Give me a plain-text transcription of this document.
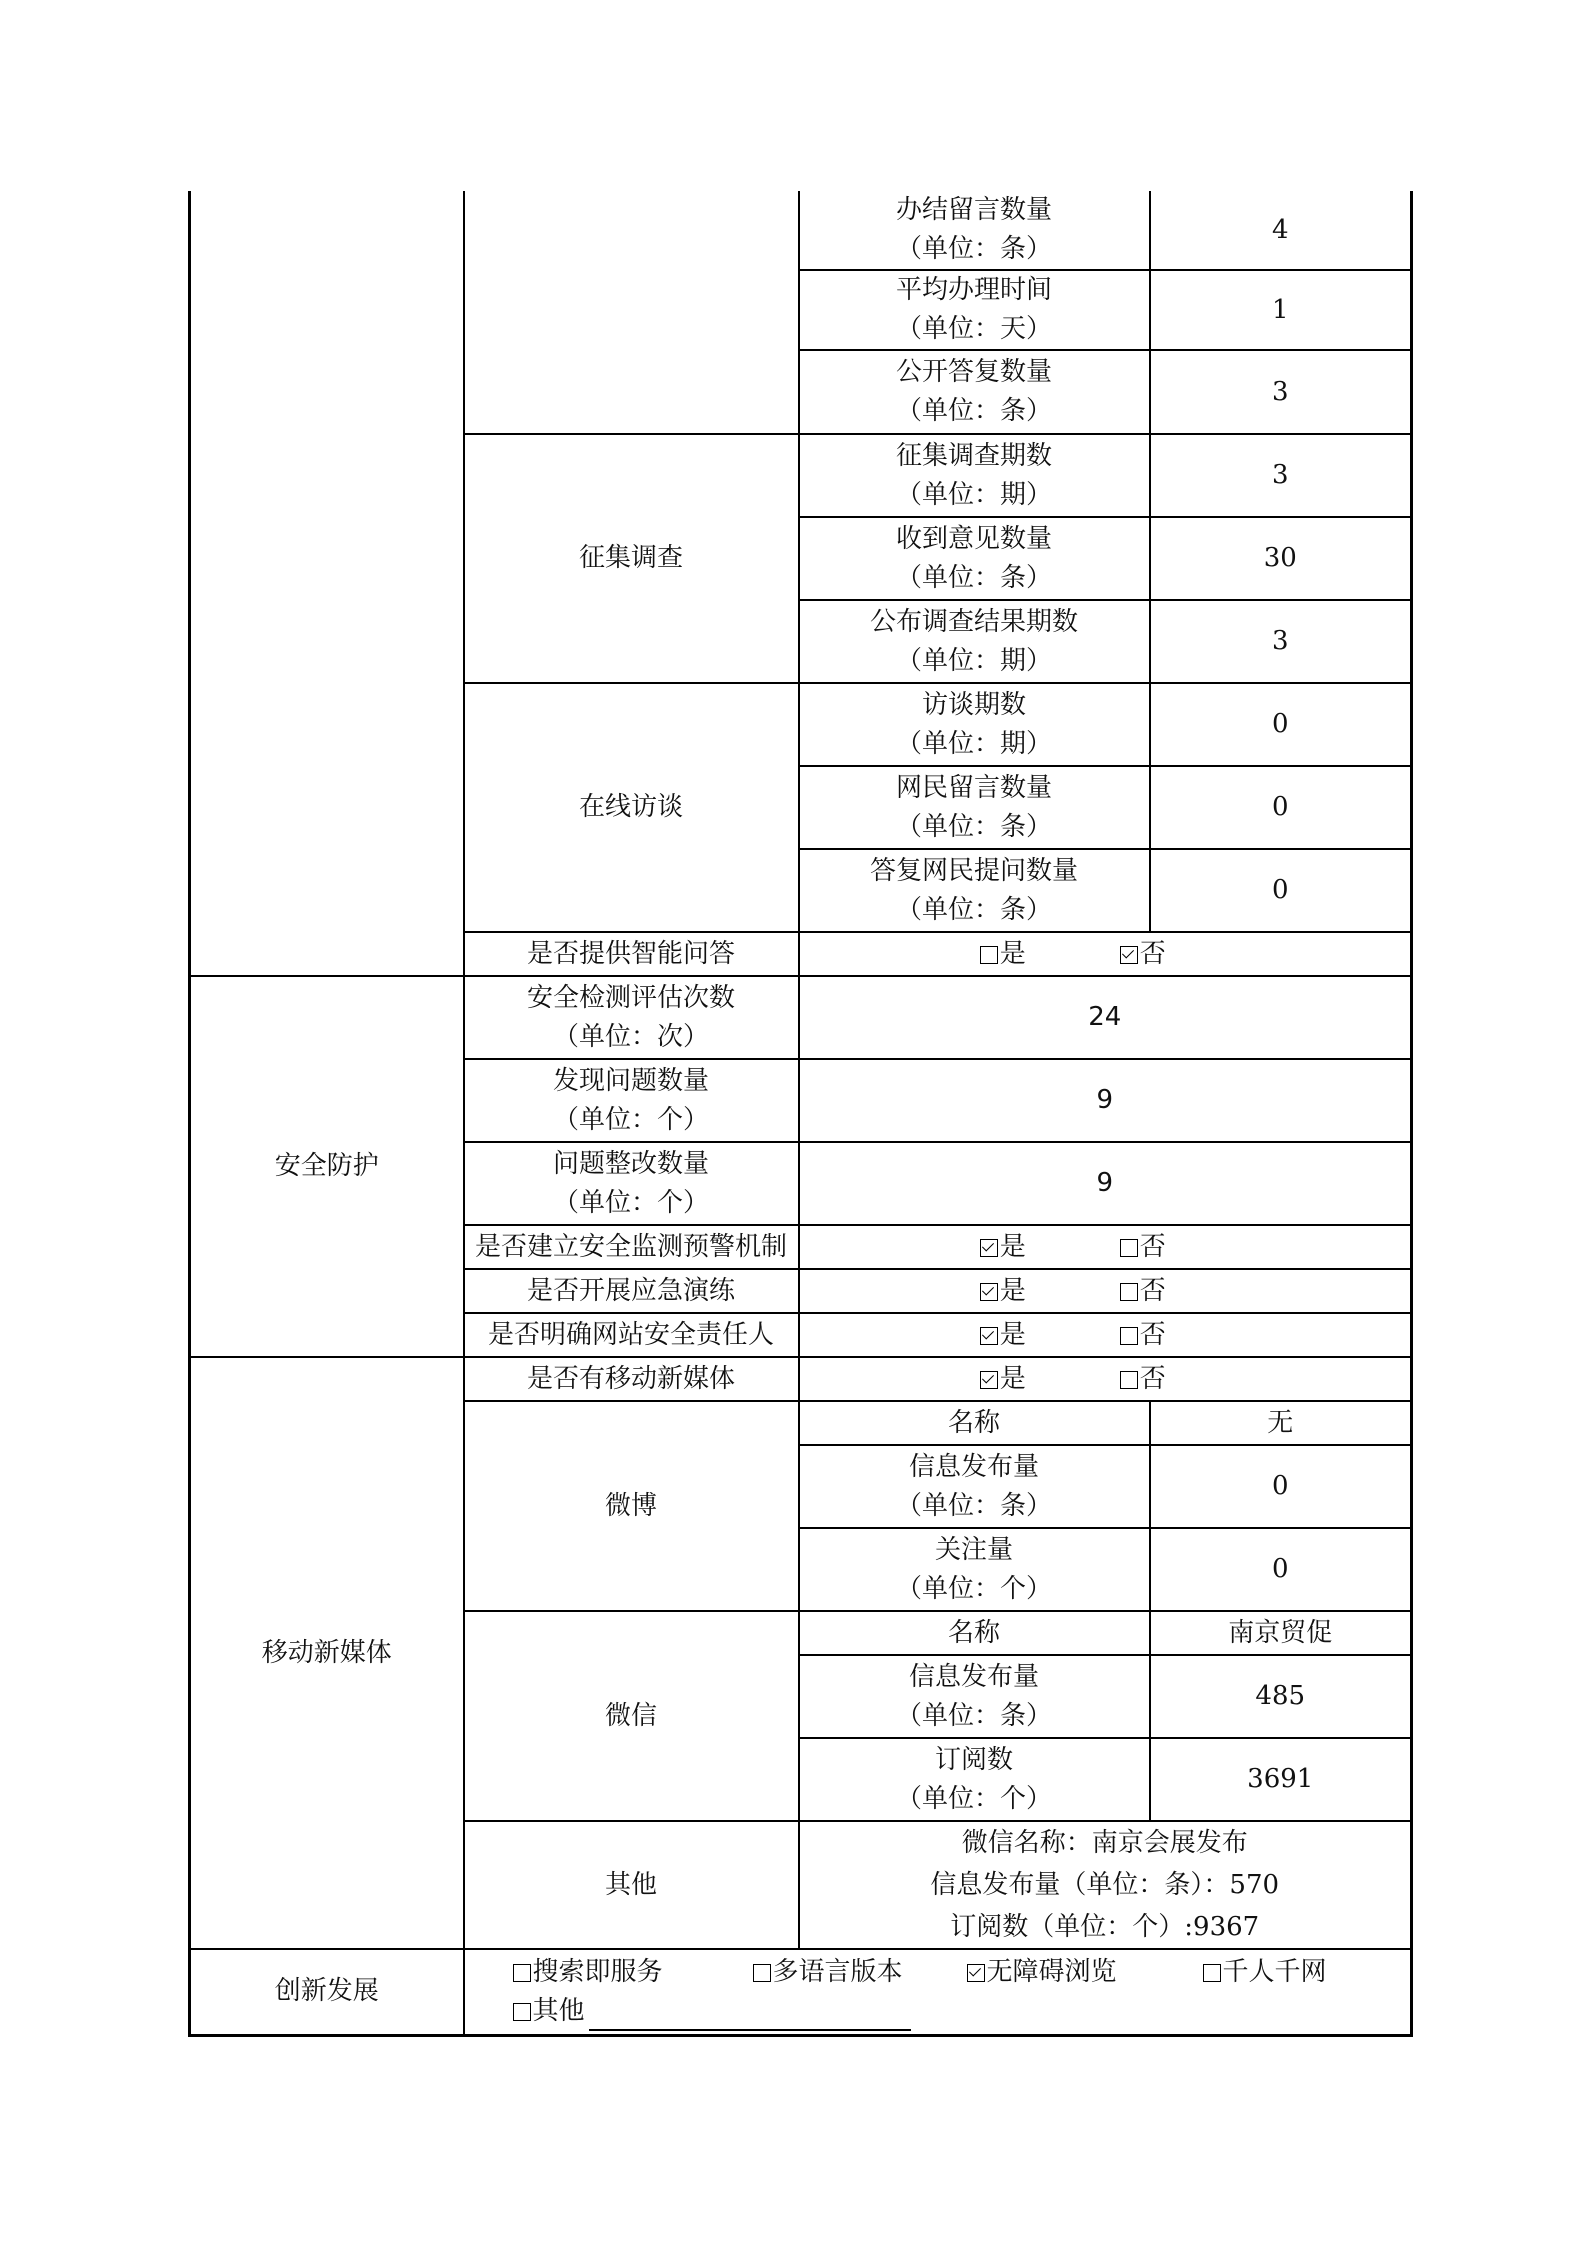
		办结留言数量
（单位：条）	4

		平均办理时间
（单位：天）	1

		公开答复数量
（单位：条）	3
	征集调查	征集调查期数
（单位：期）	3

		收到意见数量
（单位：条）	30

		公布调查结果期数
（单位：期）	3
	在线访谈	访谈期数
（单位：期）	0

		网民留言数量
（单位：条）	0

		答复网民提问数量
（单位：条）	0
	是否提供智能问答	是 否	

安全防护	安全检测评估次数
（单位：次）	24	

	发现问题数量
（单位：个）	9	

	问题整改数量
（单位：个）	9	
	是否建立安全监测预警机制	是 否	

	是否开展应急演练	是 否	

	是否明确网站安全责任人	是 否	

移动新媒体	是否有移动新媒体	是 否	

	微博	名称	无

		信息发布量
（单位：条）	0

		关注量
（单位：个）	0
	微信	名称	南京贸促

		信息发布量
（单位：条）	485

		订阅数
（单位：个）	3691
	其他	微信名称：南京会展发布
信息发布量（单位：条）：570
订阅数（单位：个）:9367	

创新发展	搜索即服务 多语言版本 无障碍浏览 千人千网
其他		
